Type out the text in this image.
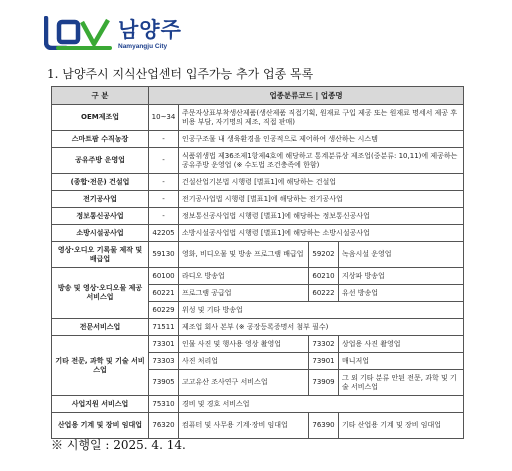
남양주
Namyangju City
1. 남양주시 지식산업센터 입주가능 추가 업종 목록
구 분	업종분류코드 | 업종명			
OEM제조업	10~34	주문자상표부착생산제품(생산제품 직접기획, 원재료 구입 제공 또는 원재료 명세서 제공 후 비용 부담, 자기명의 제조, 직접 판매)		
스마트팜 수직농장	-	인공구조물 내 생육환경을 인공적으로 제어하여 생산하는 시스템		
공유주방 운영업	-	식품위생법 제36조제1항제4호에 해당하고 통계분류상 제조업(중분류: 10,11)에 제공하는 공유주방 운영업 (※ 수도법 조건충족에 한함)		
(종합·전문) 건설업	-	건설산업기본법 시행령 [별표1]에 해당하는 건설업		
전기공사업	-	전기공사업법 시행령 [별표1]에 해당하는 전기공사업		
정보통신공사업	-	정보통신공사업법 시행령 [별표1]에 해당하는 정보통신공사업		
소방시설공사업	42205	소방시설공사업법 시행령 [별표1]에 해당하는 소방시설공사업		
영상·오디오 기록물 제작 및 배급업	59130	영화, 비디오물 및 방송 프로그램 배급업	59202	녹음시설 운영업
방송 및 영상·오디오물 제공 서비스업	60100	라디오 방송업	60210	지상파 방송업
	60221	프로그램 공급업	60222	유선 방송업
	60229	위성 및 기타 방송업		
전문서비스업	71511	제조업 회사 본부 (※ 공장등록증명서 첨부 필수)		
기타 전문, 과학 및 기술 서비스업	73301	인물 사진 및 행사용 영상 촬영업	73302	상업용 사진 촬영업
	73303	사진 처리업	73901	매니저업
	73905	고고유산 조사연구 서비스업	73909	그 외 기타 분류 안된 전문, 과학 및 기술 서비스업
사업지원 서비스업	75310	경비 및 경호 서비스업		
산업용 기계 및 장비 임대업	76320	컴퓨터 및 사무용 기계·장비 임대업	76390	기타 산업용 기계 및 장비 임대업
※ 시행일 : 2025. 4. 14.
